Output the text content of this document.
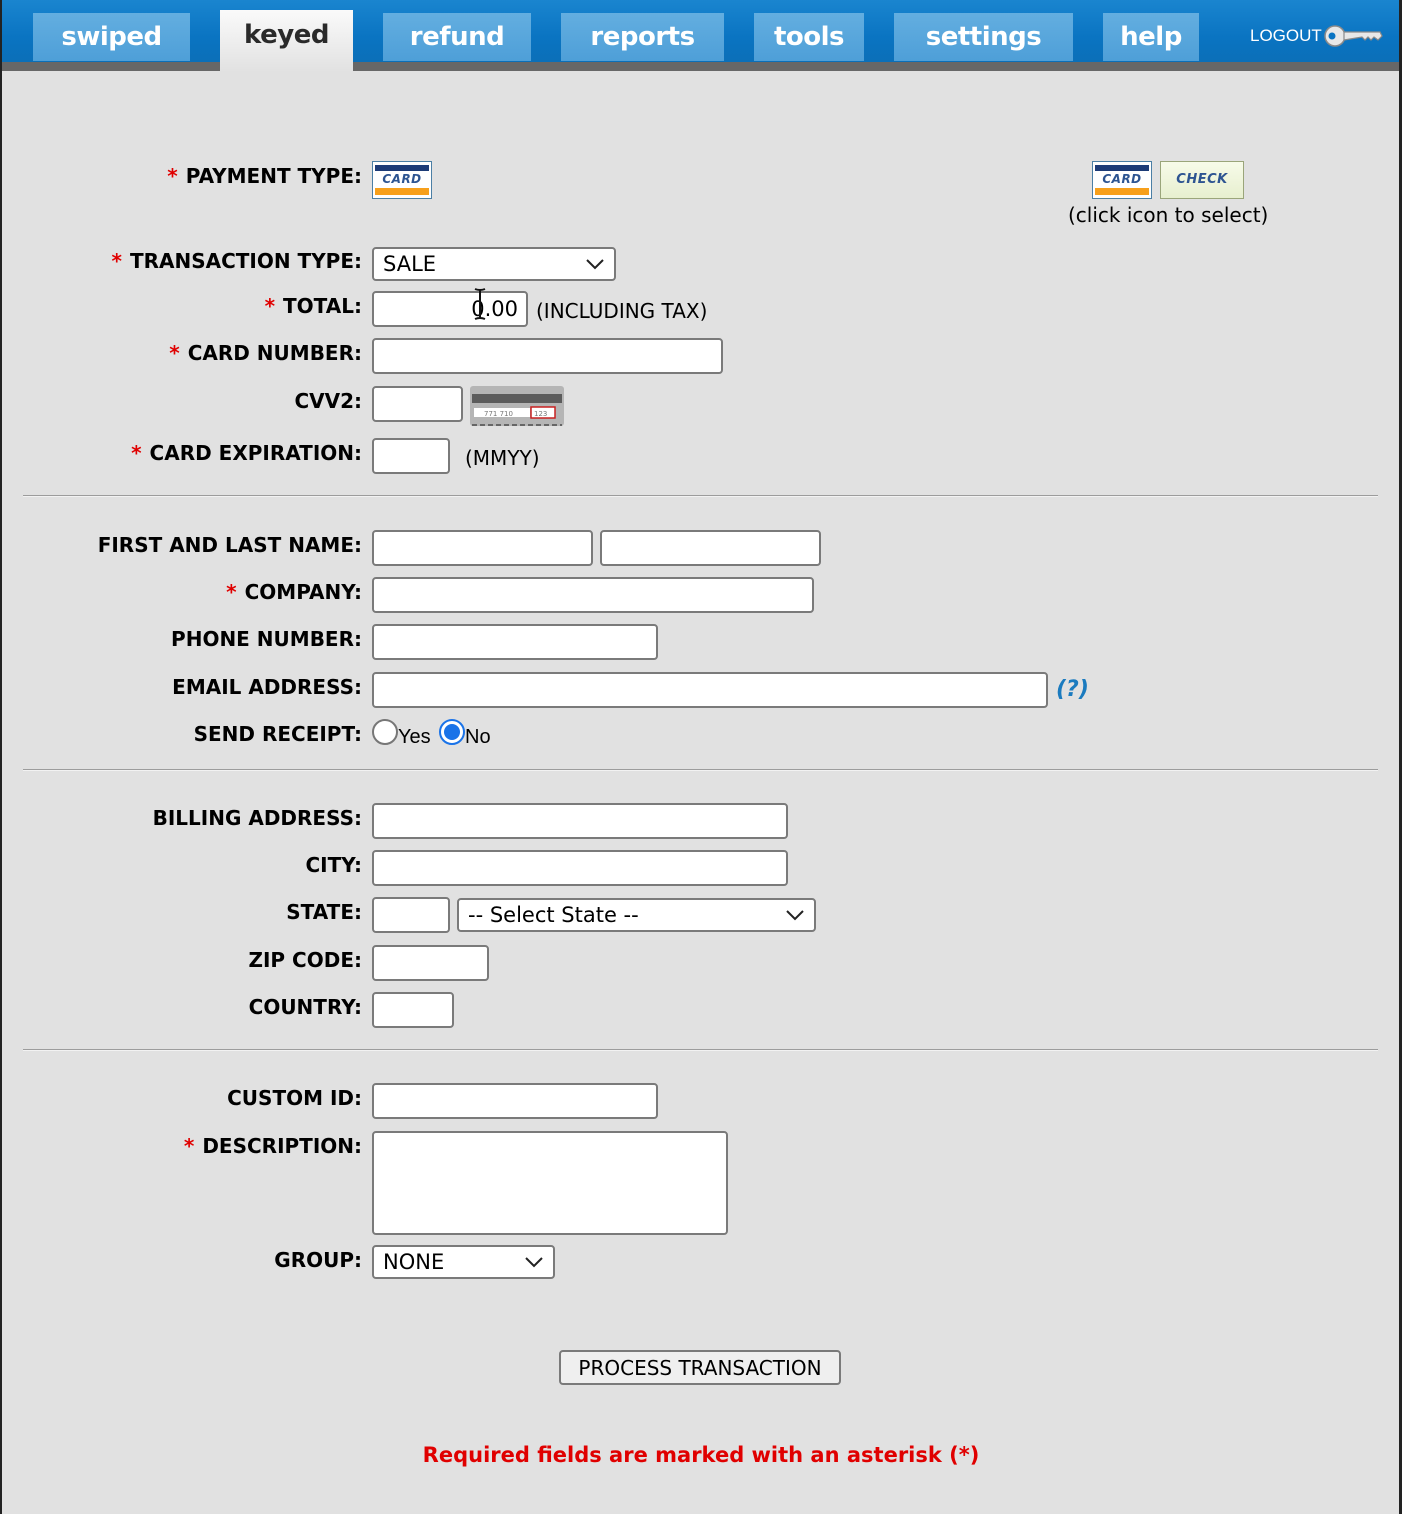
swiped	keyed	refund	reports	tools	settings	help	LOGOUT
* PAYMENT TYPE:	CARD	CARD	CHECK
(click icon to select)
* TRANSACTION TYPE: SALE
* TOTAL:
0.00	(INCLUDING TAX)
* CARD NUMBER:
CVV2:
771 710	123
* CARD EXPIRATION:	(MMYY)
FIRST AND LAST NAME:
* COMPANY:
PHONE NUMBER:
EMAIL ADDRESS:	(?)
SEND RECEIPT: Yes No
BILLING ADDRESS:
CITY:
STATE:	-- Select State --
ZIP CODE:
COUNTRY:
CUSTOM ID:
* DESCRIPTION:
GROUP: NONE
PROCESS TRANSACTION
Required fields are marked with an asterisk (*)
